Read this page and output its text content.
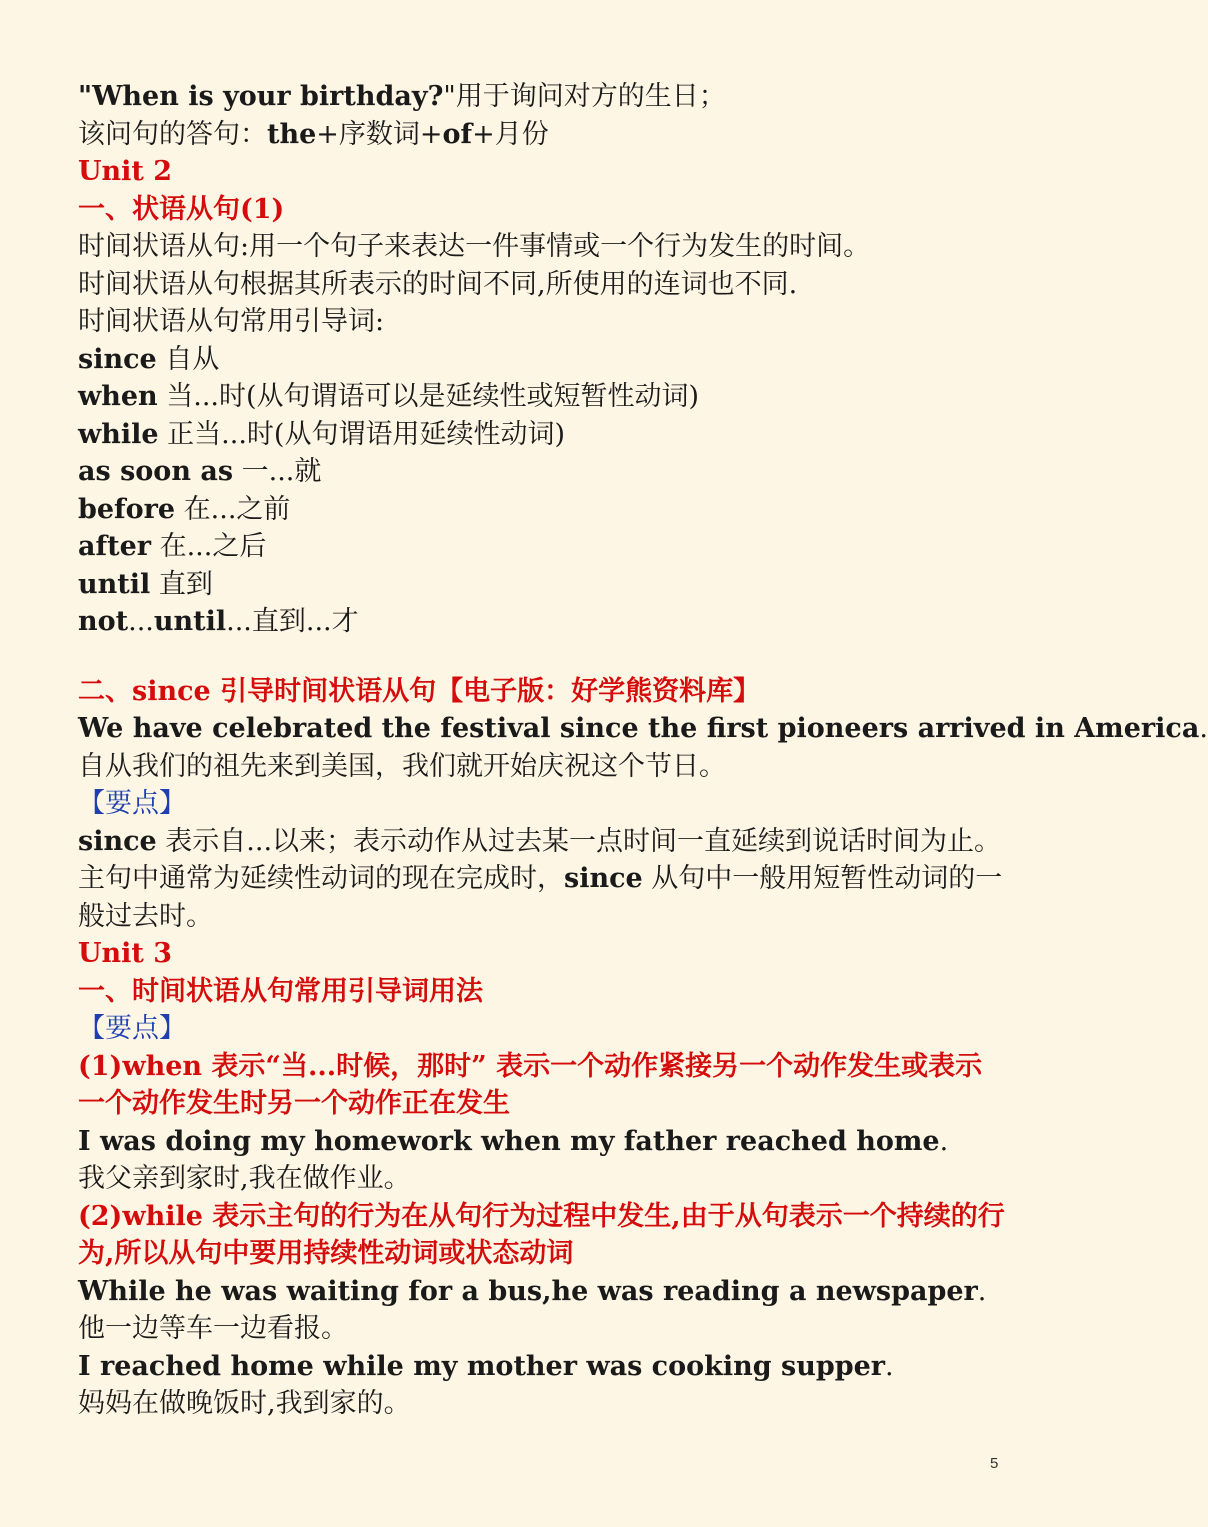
"When is your birthday?"用于询问对方的生日；
该问句的答句：the+序数词+of+月份
Unit 2
一、状语从句(1)
时间状语从句:用一个句子来表达一件事情或一个行为发生的时间。
时间状语从句根据其所表示的时间不同,所使用的连词也不同.
时间状语从句常用引导词:
since 自从
when 当...时(从句谓语可以是延续性或短暂性动词)
while 正当...时(从句谓语用延续性动词)
as soon as 一...就
before 在...之前
after 在...之后
until 直到
not...until...直到...才
二、since 引导时间状语从句【电子版：好学熊资料库】
We have celebrated the festival since the first pioneers arrived in America.
自从我们的祖先来到美国，我们就开始庆祝这个节日。
【要点】
since 表示自...以来；表示动作从过去某一点时间一直延续到说话时间为止。主句中通常为延续性动词的现在完成时，since 从句中一般用短暂性动词的一般过去时。
Unit 3
一、时间状语从句常用引导词用法
【要点】
(1)when 表示“当...时候，那时” 表示一个动作紧接另一个动作发生或表示一个动作发生时另一个动作正在发生
I was doing my homework when my father reached home.
我父亲到家时,我在做作业。
(2)while 表示主句的行为在从句行为过程中发生,由于从句表示一个持续的行为,所以从句中要用持续性动词或状态动词
While he was waiting for a bus,he was reading a newspaper.
他一边等车一边看报。
I reached home while my mother was cooking supper.
妈妈在做晚饭时,我到家的。
5
